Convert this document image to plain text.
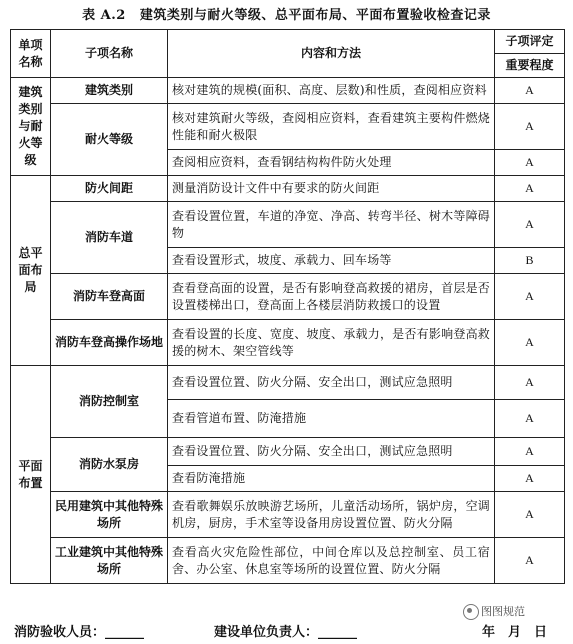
表 A.2 建筑类别与耐火等级、总平面布局、平面布置验收检查记录
单项名称	子项名称	内容和方法	子项评定
			重要程度
建筑类别与耐火等级	建筑类别	核对建筑的规模(面积、高度、层数)和性质，查阅相应资料	A
	耐火等级	核对建筑耐火等级，查阅相应资料，查看建筑主要构件燃烧性能和耐火极限	A
		查阅相应资料，查看钢结构构件防火处理	A
总平面布局	防火间距	测量消防设计文件中有要求的防火间距	A
	消防车道	查看设置位置，车道的净宽、净高、转弯半径、树木等障碍物	A
		查看设置形式，坡度、承载力、回车场等	B
	消防车登高面	查看登高面的设置，是否有影响登高救援的裙房，首层是否设置楼梯出口，登高面上各楼层消防救援口的设置	A
	消防车登高操作场地	查看设置的长度、宽度、坡度、承载力，是否有影响登高救援的树木、架空管线等	A
平面布置	消防控制室	查看设置位置、防火分隔、安全出口，测试应急照明	A
		查看管道布置、防淹措施	A
	消防水泵房	查看设置位置、防火分隔、安全出口，测试应急照明	A
		查看防淹措施	A
	民用建筑中其他特殊场所	查看歌舞娱乐放映游艺场所，儿童活动场所，锅炉房，空调机房，厨房，手术室等设备用房设置位置、防火分隔	A
	工业建筑中其他特殊场所	查看高火灾危险性部位，中间仓库以及总控制室、员工宿舍、办公室、休息室等场所的设置位置、防火分隔	A
图图规范
消防验收人员：______	建设单位负责人：______	年　月　日
